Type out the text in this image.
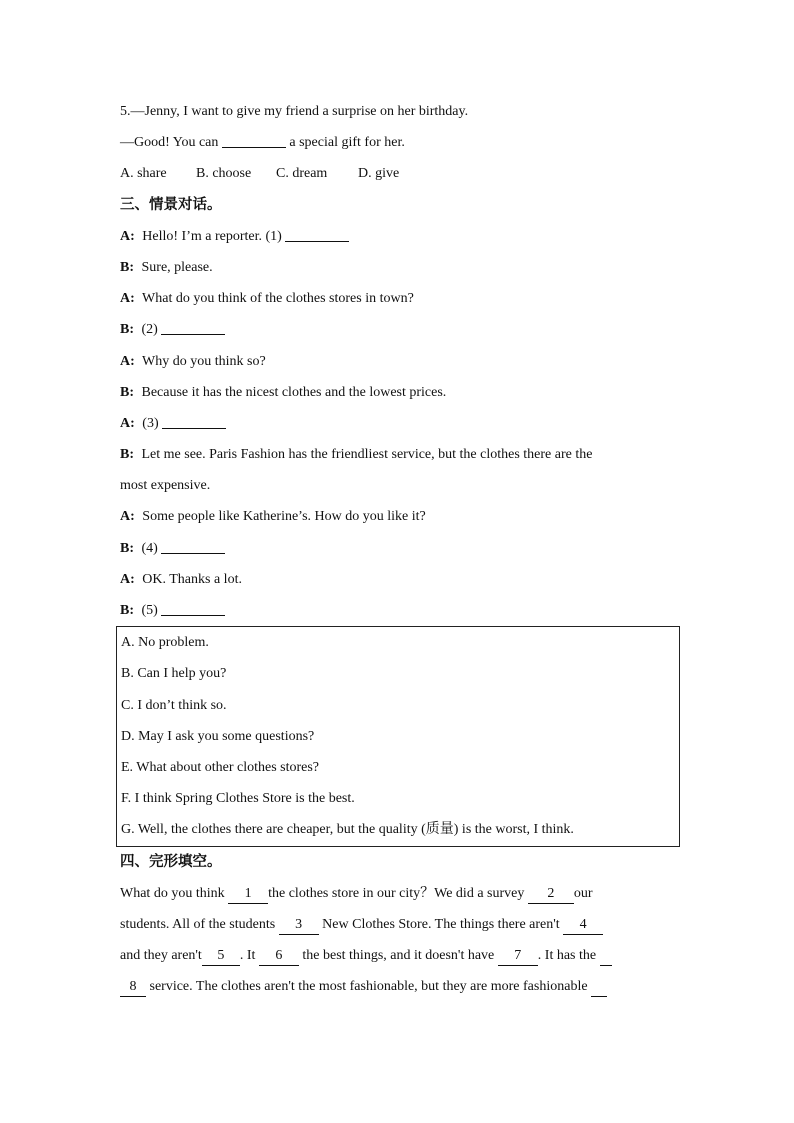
5.—Jenny, I want to give my friend a surprise on her birthday.
—Good! You can	a special gift for her.
A. share B. choose C. dream D. give
三、情景对话。
A: Hello! I’m a reporter. (1)
B: Sure, please.
A: What do you think of the clothes stores in town?
B: (2)
A: Why do you think so?
B: Because it has the nicest clothes and the lowest prices.
A: (3)
B: Let me see. Paris Fashion has the friendliest service, but the clothes there are the
most expensive.
A: Some people like Katherine’s. How do you like it?
B: (4)
A: OK. Thanks a lot.
B: (5)
A. No problem.
B. Can I help you?
C. I don’t think so.
D. May I ask you some questions?
E. What about other clothes stores?
F. I think Spring Clothes Store is the best.
G. Well, the clothes there are cheaper, but the quality (质量) is the worst, I think.
四、完形填空。
What do you think 1 the clothes store in our city？We did a survey 2 our
students. All of the students 3 New Clothes Store. The things there aren't 4
and they aren't 5 . It 6 the best things, and it doesn't have 7 . It has the
8 service. The clothes aren't the most fashionable, but they are more fashionable
